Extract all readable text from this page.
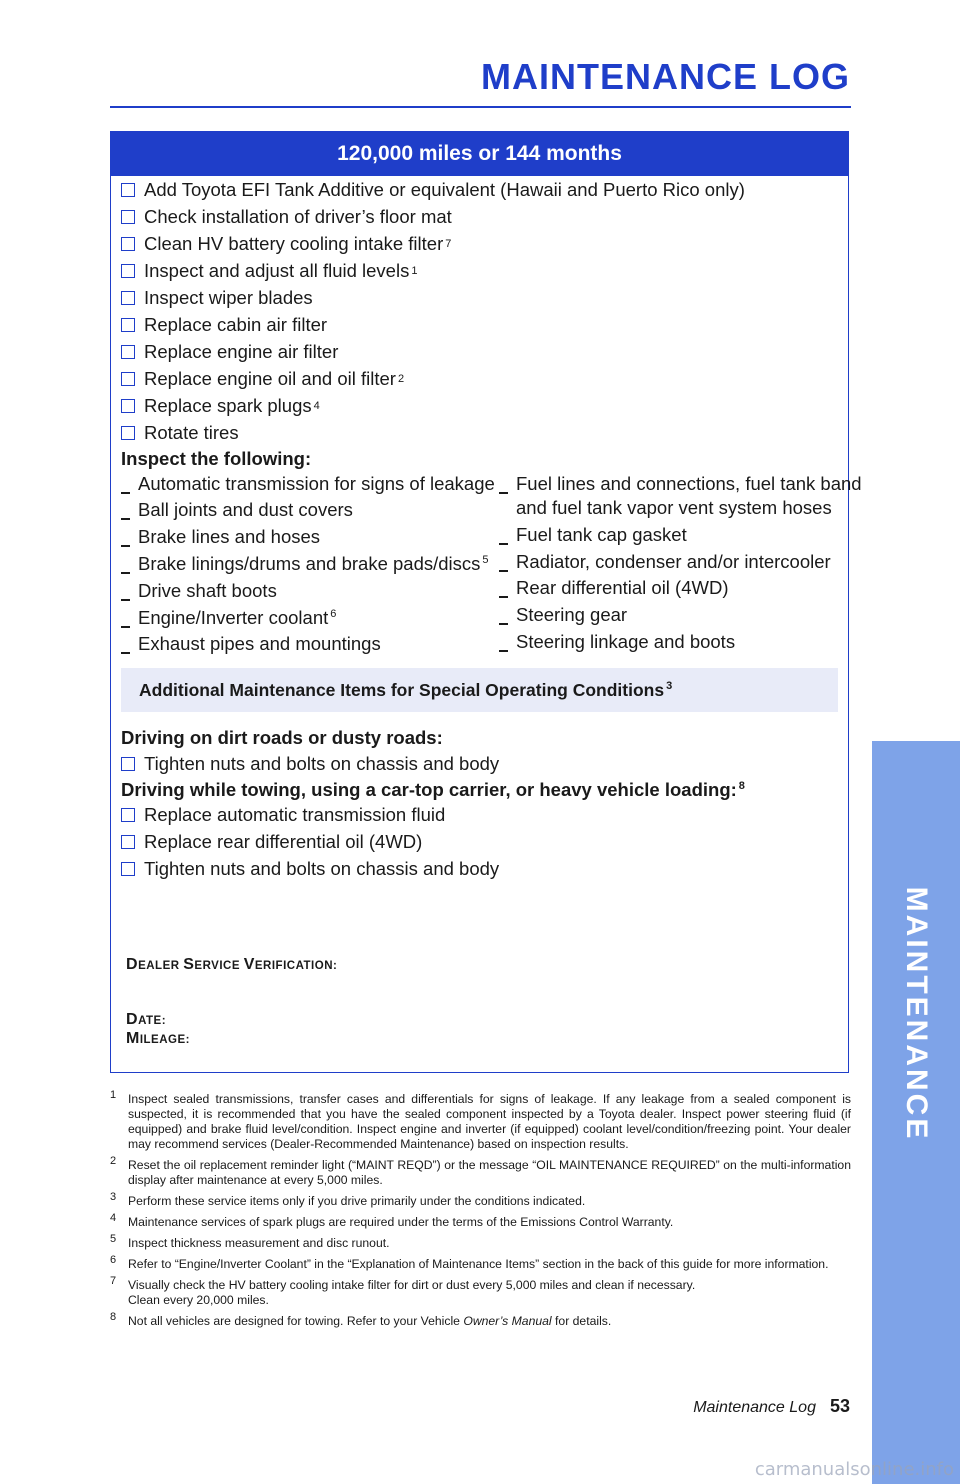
MAINTENANCE LOG
120,000 miles or 144 months
Add Toyota EFI Tank Additive or equivalent (Hawaii and Puerto Rico only)
Check installation of driver’s floor mat
Clean HV battery cooling intake filter 7
Inspect and adjust all fluid levels 1
Inspect wiper blades
Replace cabin air filter
Replace engine air filter
Replace engine oil and oil filter 2
Replace spark plugs 4
Rotate tires
Inspect the following:
Automatic transmission for signs of leakage
Ball joints and dust covers
Brake lines and hoses
Brake linings/drums and brake pads/discs $^5$
Drive shaft boots
Engine/Inverter coolant $^6$
Exhaust pipes and mountings
Fuel lines and connections, fuel tank band
and fuel tank vapor vent system hoses
Fuel tank cap gasket
Radiator, condenser and/or intercooler
Rear differential oil (4WD)
Steering gear
Steering linkage and boots
Additional Maintenance Items for Special Operating Conditions $^3$
Driving on dirt roads or dusty roads:
Tighten nuts and bolts on chassis and body
Driving while towing, using a car-top carrier, or heavy vehicle loading: $^8$
Replace automatic transmission fluid
Replace rear differential oil (4WD)
Tighten nuts and bolts on chassis and body
DEALER SERVICE VERIFICATION:
DATE:
MILEAGE:
1 Inspect sealed transmissions, transfer cases and differentials for signs of leakage. If any leakage from a sealed component is suspected, it is recommended that you have the sealed component inspected by a Toyota dealer. Inspect power steering fluid (if equipped) and brake fluid level/condition. Inspect engine and inverter (if equipped) coolant level/condition/freezing point. Your dealer may recommend services (Dealer-Recommended Maintenance) based on inspection results.
2 Reset the oil replacement reminder light (“MAINT REQD”) or the message “OIL MAINTENANCE REQUIRED” on the multi-information display after maintenance at every 5,000 miles.
3 Perform these service items only if you drive primarily under the conditions indicated.
4 Maintenance services of spark plugs are required under the terms of the Emissions Control Warranty.
5 Inspect thickness measurement and disc runout.
6 Refer to “Engine/Inverter Coolant” in the “Explanation of Maintenance Items” section in the back of this guide for more information.
7 Visually check the HV battery cooling intake filter for dirt or dust every 5,000 miles and clean if necessary.
Clean every 20,000 miles.
8 Not all vehicles are designed for towing. Refer to your Vehicle Owner’s Manual for details.
Maintenance Log 53
MAINTENANCE
carmanualsonline.info
